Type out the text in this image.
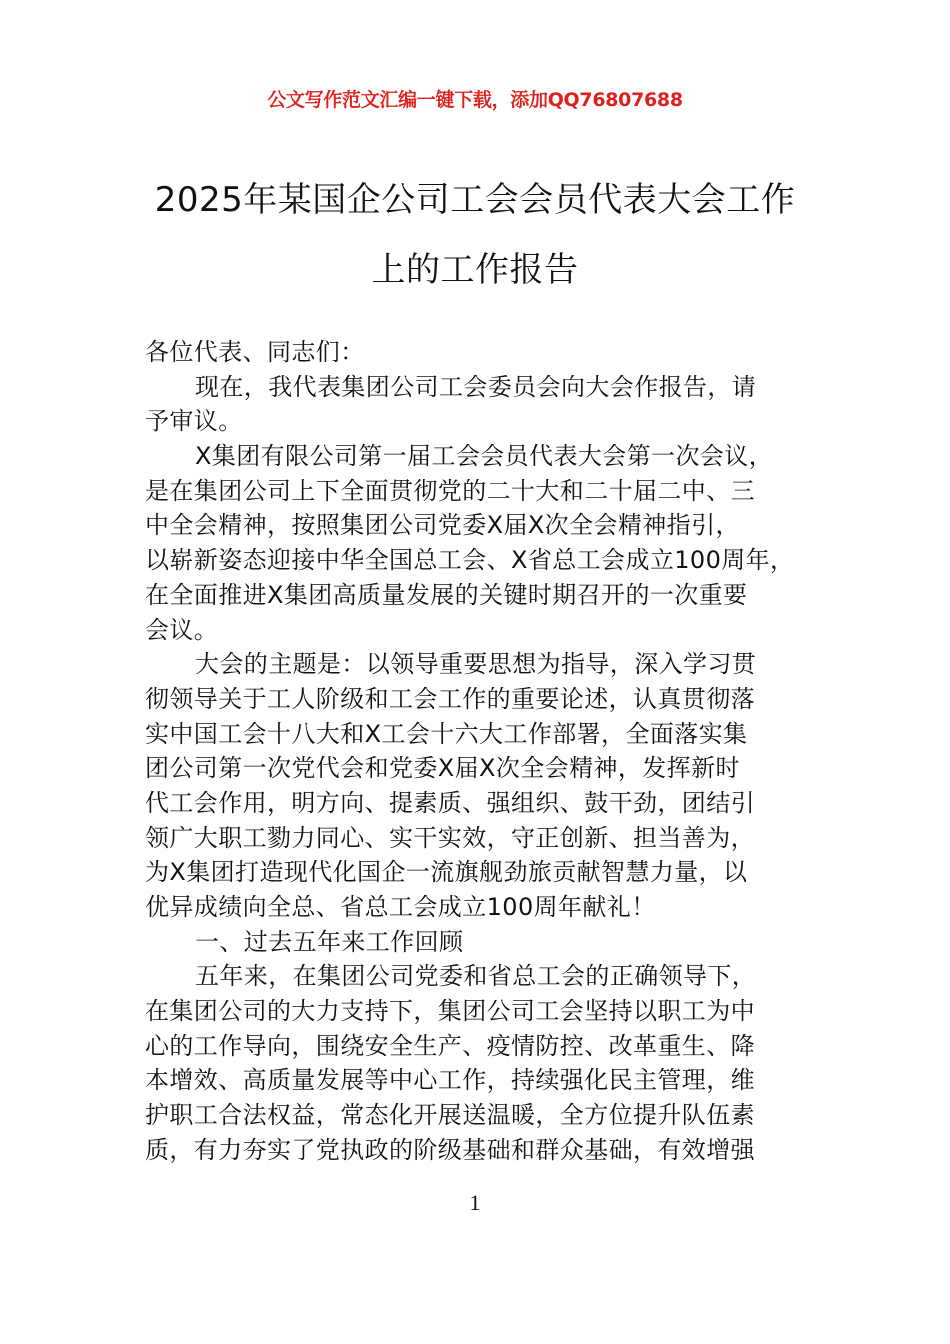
公文写作范文汇编一键下载，添加QQ76807688
2025年某国企公司工会会员代表大会工作
上的工作报告
各位代表、同志们：
现在，我代表集团公司工会委员会向大会作报告，请
予审议。
X集团有限公司第一届工会会员代表大会第一次会议，
是在集团公司上下全面贯彻党的二十大和二十届二中、三
中全会精神，按照集团公司党委X届X次全会精神指引，
以崭新姿态迎接中华全国总工会、X省总工会成立100周年，
在全面推进X集团高质量发展的关键时期召开的一次重要
会议。
大会的主题是：以领导重要思想为指导，深入学习贯
彻领导关于工人阶级和工会工作的重要论述，认真贯彻落
实中国工会十八大和X工会十六大工作部署，全面落实集
团公司第一次党代会和党委X届X次全会精神，发挥新时
代工会作用，明方向、提素质、强组织、鼓干劲，团结引
领广大职工勠力同心、实干实效，守正创新、担当善为，
为X集团打造现代化国企一流旗舰劲旅贡献智慧力量，以
优异成绩向全总、省总工会成立100周年献礼！
一、过去五年来工作回顾
五年来，在集团公司党委和省总工会的正确领导下，
在集团公司的大力支持下，集团公司工会坚持以职工为中
心的工作导向，围绕安全生产、疫情防控、改革重生、降
本增效、高质量发展等中心工作，持续强化民主管理，维
护职工合法权益，常态化开展送温暖，全方位提升队伍素
质，有力夯实了党执政的阶级基础和群众基础，有效增强
1
